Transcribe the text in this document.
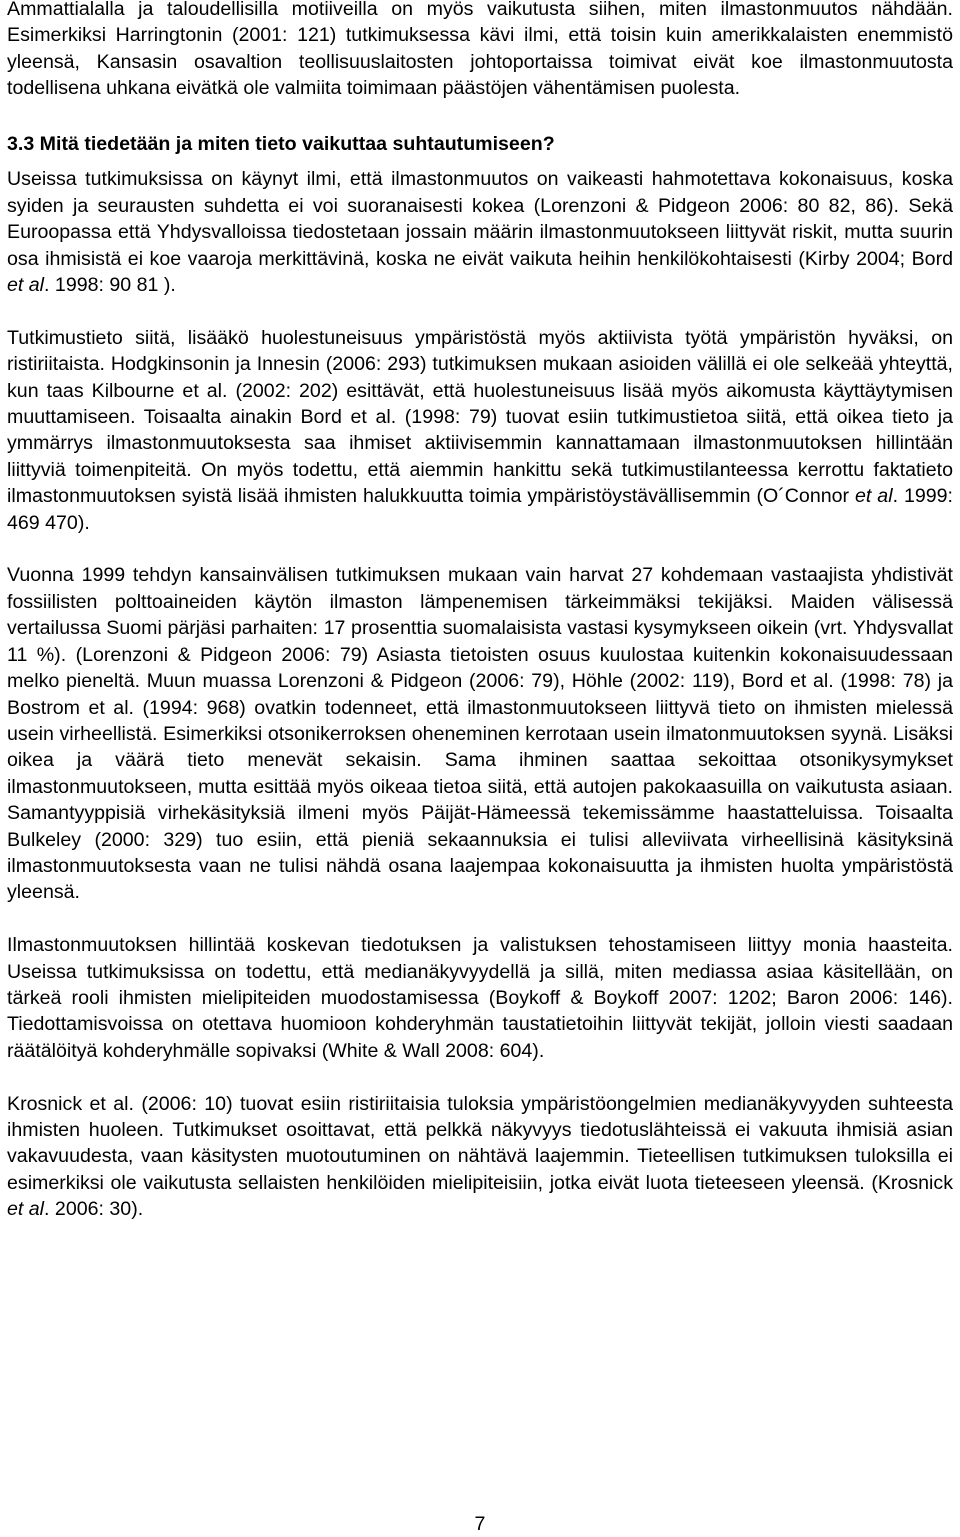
Ammattialalla ja taloudellisilla motiiveilla on myös vaikutusta siihen, miten ilmastonmuutos nähdään. Esimerkiksi Harringtonin (2001: 121) tutkimuksessa kävi ilmi, että toisin kuin amerikkalaisten enemmistö yleensä, Kansasin osavaltion teollisuuslaitosten johtoportaissa toimivat eivät koe ilmastonmuutosta todellisena uhkana eivätkä ole valmiita toimimaan päästöjen vähentämisen puolesta.

3.3 Mitä tiedetään ja miten tieto vaikuttaa suhtautumiseen?

Useissa tutkimuksissa on käynyt ilmi, että ilmastonmuutos on vaikeasti hahmotettava kokonaisuus, koska syiden ja seurausten suhdetta ei voi suoranaisesti kokea (Lorenzoni & Pidgeon 2006: 80 82, 86). Sekä Euroopassa että Yhdysvalloissa tiedostetaan jossain määrin ilmastonmuutokseen liittyvät riskit, mutta suurin osa ihmisistä ei koe vaaroja merkittävinä, koska ne eivät vaikuta heihin henkilökohtaisesti (Kirby 2004; Bord et al. 1998: 90 81 ).

Tutkimustieto siitä, lisääkö huolestuneisuus ympäristöstä myös aktiivista työtä ympäristön hyväksi, on ristiriitaista. Hodgkinsonin ja Innesin (2006: 293) tutkimuksen mukaan asioiden välillä ei ole selkeää yhteyttä, kun taas Kilbourne et al. (2002: 202) esittävät, että huolestuneisuus lisää myös aikomusta käyttäytymisen muuttamiseen. Toisaalta ainakin Bord et al. (1998: 79) tuovat esiin tutkimustietoa siitä, että oikea tieto ja ymmärrys ilmastonmuutoksesta saa ihmiset aktiivisemmin kannattamaan ilmastonmuutoksen hillintään liittyviä toimenpiteitä. On myös todettu, että aiemmin hankittu sekä tutkimustilanteessa kerrottu faktatieto ilmastonmuutoksen syistä lisää ihmisten halukkuutta toimia ympäristöystävällisemmin (O´Connor et al. 1999: 469 470).

Vuonna 1999 tehdyn kansainvälisen tutkimuksen mukaan vain harvat 27 kohdemaan vastaajista yhdistivät fossiilisten polttoaineiden käytön ilmaston lämpenemisen tärkeimmäksi tekijäksi. Maiden välisessä vertailussa Suomi pärjäsi parhaiten: 17 prosenttia suomalaisista vastasi kysymykseen oikein (vrt. Yhdysvallat 11 %). (Lorenzoni & Pidgeon 2006: 79) Asiasta tietoisten osuus kuulostaa kuitenkin kokonaisuudessaan melko pieneltä. Muun muassa Lorenzoni & Pidgeon (2006: 79), Höhle (2002: 119), Bord et al. (1998: 78) ja Bostrom et al. (1994: 968) ovatkin todenneet, että ilmastonmuutokseen liittyvä tieto on ihmisten mielessä usein virheellistä. Esimerkiksi otsonikerroksen oheneminen kerrotaan usein ilmatonmuutoksen syynä. Lisäksi oikea ja väärä tieto menevät sekaisin. Sama ihminen saattaa sekoittaa otsonikysymykset ilmastonmuutokseen, mutta esittää myös oikeaa tietoa siitä, että autojen pakokaasuilla on vaikutusta asiaan. Samantyyppisiä virhekäsityksiä ilmeni myös Päijät-Hämeessä tekemissämme haastatteluissa. Toisaalta Bulkeley (2000: 329) tuo esiin, että pieniä sekaannuksia ei tulisi alleviivata virheellisinä käsityksinä ilmastonmuutoksesta vaan ne tulisi nähdä osana laajempaa kokonaisuutta ja ihmisten huolta ympäristöstä yleensä.

Ilmastonmuutoksen hillintää koskevan tiedotuksen ja valistuksen tehostamiseen liittyy monia haasteita. Useissa tutkimuksissa on todettu, että medianäkyvyydellä ja sillä, miten mediassa asiaa käsitellään, on tärkeä rooli ihmisten mielipiteiden muodostamisessa (Boykoff & Boykoff 2007: 1202; Baron 2006: 146). Tiedottamisvoissa on otettava huomioon kohderyhmän taustatietoihin liittyvät tekijät, jolloin viesti saadaan räätälöityä kohderyhmälle sopivaksi (White & Wall 2008: 604).

Krosnick et al. (2006: 10) tuovat esiin ristiriitaisia tuloksia ympäristöongelmien medianäkyvyyden suhteesta ihmisten huoleen. Tutkimukset osoittavat, että pelkkä näkyvyys tiedotuslähteissä ei vakuuta ihmisiä asian vakavuudesta, vaan käsitysten muotoutuminen on nähtävä laajemmin. Tieteellisen tutkimuksen tuloksilla ei esimerkiksi ole vaikutusta sellaisten henkilöiden mielipiteisiin, jotka eivät luota tieteeseen yleensä. (Krosnick et al. 2006: 30).

7
